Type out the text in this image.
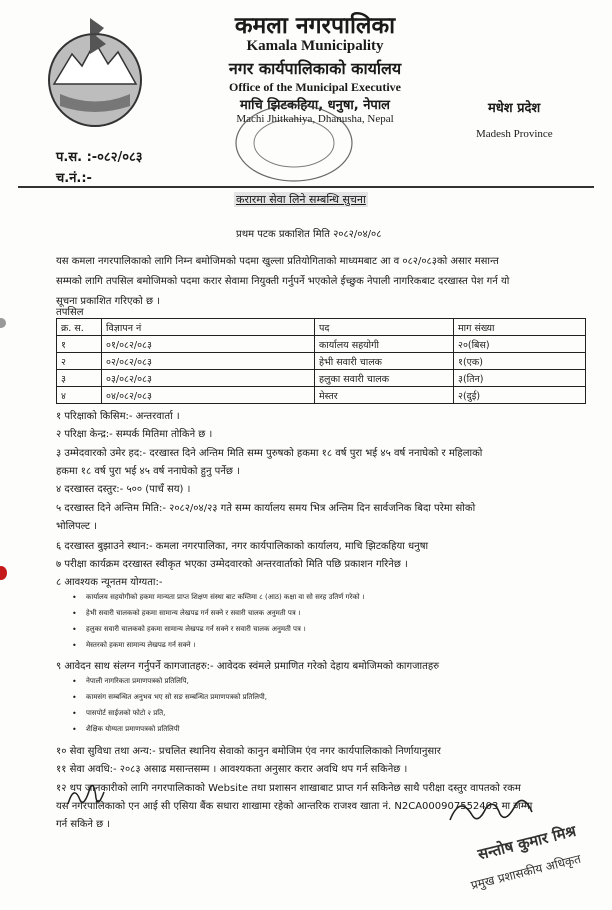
कमला नगरपालिका
Kamala Municipality
नगर कार्यपालिकाको कार्यालय
Office of the Municipal Executive
माचि झिटकहिया, धनुषा, नेपाल
Machi Jhitkahiya, Dhanusha, Nepal
मधेश प्रदेश
Madesh Province
प.स. :-०८२/०८३
च.नं.:-
करारमा सेवा लिने सम्बन्धि सुचना
प्रथम पटक प्रकाशित मिति २०८२/०४/०८
यस कमला नगरपालिकाको लागि निम्न बमोजिमको पदमा खुल्ला प्रतियोगिताको माध्यमबाट आ व ०८२/०८३को असार मसान्त
सम्मको लागि तपसिल बमोजिमको पदमा करार सेवामा नियुक्ती गर्नुपर्ने भएकोले ईच्छुक नेपाली नागरिकबाट दरखास्त पेश गर्न यो
सूचना प्रकाशित गरिएको छ ।
तपसिल
क्र. स.	विज्ञापन नं	पद	माग संख्या
१	०१/०८२/०८३	कार्यालय सहयोगी	२०(बिस)
२	०२/०८२/०८३	हेभी सवारी चालक	१(एक)
३	०३/०८२/०८३	हलुका सवारी चालक	३(तिन)
४	०४/०८२/०८३	मेस्तर	२(दुई)
१ परिक्षाको किसिम:- अन्तरवार्ता ।
२ परिक्षा केन्द्र:- सम्पर्क मितिमा तोकिने छ ।
३ उम्मेदवारको उमेर हद:- दरखास्त दिने अन्तिम मिति सम्म पुरुषको हकमा १८ वर्ष पुरा भई ४५ वर्ष ननाघेको र महिलाको
हकमा १८ वर्ष पुरा भई ४५ वर्ष ननाघेको हुनु पर्नेछ ।
४ दरखास्त दस्तुर:- ५०० (पाचँ सय) ।
५ दरखास्त दिने अन्तिम मिति:- २०८२/०४/२३ गते सम्म कार्यालय समय भित्र अन्तिम दिन सार्वजनिक बिदा परेमा सोको
भोलिपल्ट ।
६ दरखास्त बुझाउने स्थान:- कमला नगरपालिका, नगर कार्यपालिकाको कार्यालय, माचि झिटकहिया धनुषा
७ परीक्षा कार्यक्रम दरखास्त स्वीकृत भएका उम्मेदवारको अन्तरवार्ताको मिति पछि प्रकाशन गरिनेछ ।
८ आवश्यक न्यूनतम योग्यता:-
• कार्यालय सहयोगीको हकमा मान्यता प्राप्त शिक्षण संस्था बाट कम्तिमा ८ (आठ) कक्षा वा सो सरह उतिर्ण गरेको ।
• हेभी सवारी चालकको हकमा सामान्य लेखपढ गर्न सक्ने र सवारी चालक अनुमती पत्र ।
• हलुका सवारी चालकको हकमा सामान्य लेखपढ गर्न सक्ने र सवारी चालक अनुमती पत्र ।
• मेस्तरको हकमा सामान्य लेखपढ गर्न सक्ने ।
९ आवेदन साथ संलग्न गर्नुपर्ने कागजातहरु:- आवेदक स्वंमले प्रमाणित गरेको देहाय बमोजिमको कागजातहरु
• नेपाली नागरिकता प्रमाणपत्रको प्रतिलिपि,
• कामसंग सम्बन्धित अनुभव भए सो सङ सम्बन्धित प्रमाणपत्रको प्रतिलिपी,
• पासपोर्ट साईजको फोटो २ प्रति,
• शैक्षिक योग्यता प्रमाणपत्रको प्रतिलिपी
१० सेवा सुविधा तथा अन्य:- प्रचलित स्थानिय सेवाको कानुन बमोजिम एंव नगर कार्यपालिकाको निर्णायानुसार
११ सेवा अवधि:- २०८३ असाढ मसान्तसम्म । आवश्यकता अनुसार करार अवधि थप गर्न सकिनेछ ।
१२ थप जानकारीको लागि नगरपालिकाको Website तथा प्रशासन शाखाबाट प्राप्त गर्न सकिनेछ साथै परीक्षा दस्तुर वापतको रकम
यस नगरपालिकाको एन आई सी एसिया बैंक सधारा शाखामा रहेको आन्तरिक राजश्व खाता नं. N2CA000907552403 मा जम्मा
गर्न सकिने छ ।	सन्तोष कुमार मिश्र
प्रमुख प्रशासकीय अधिकृत
